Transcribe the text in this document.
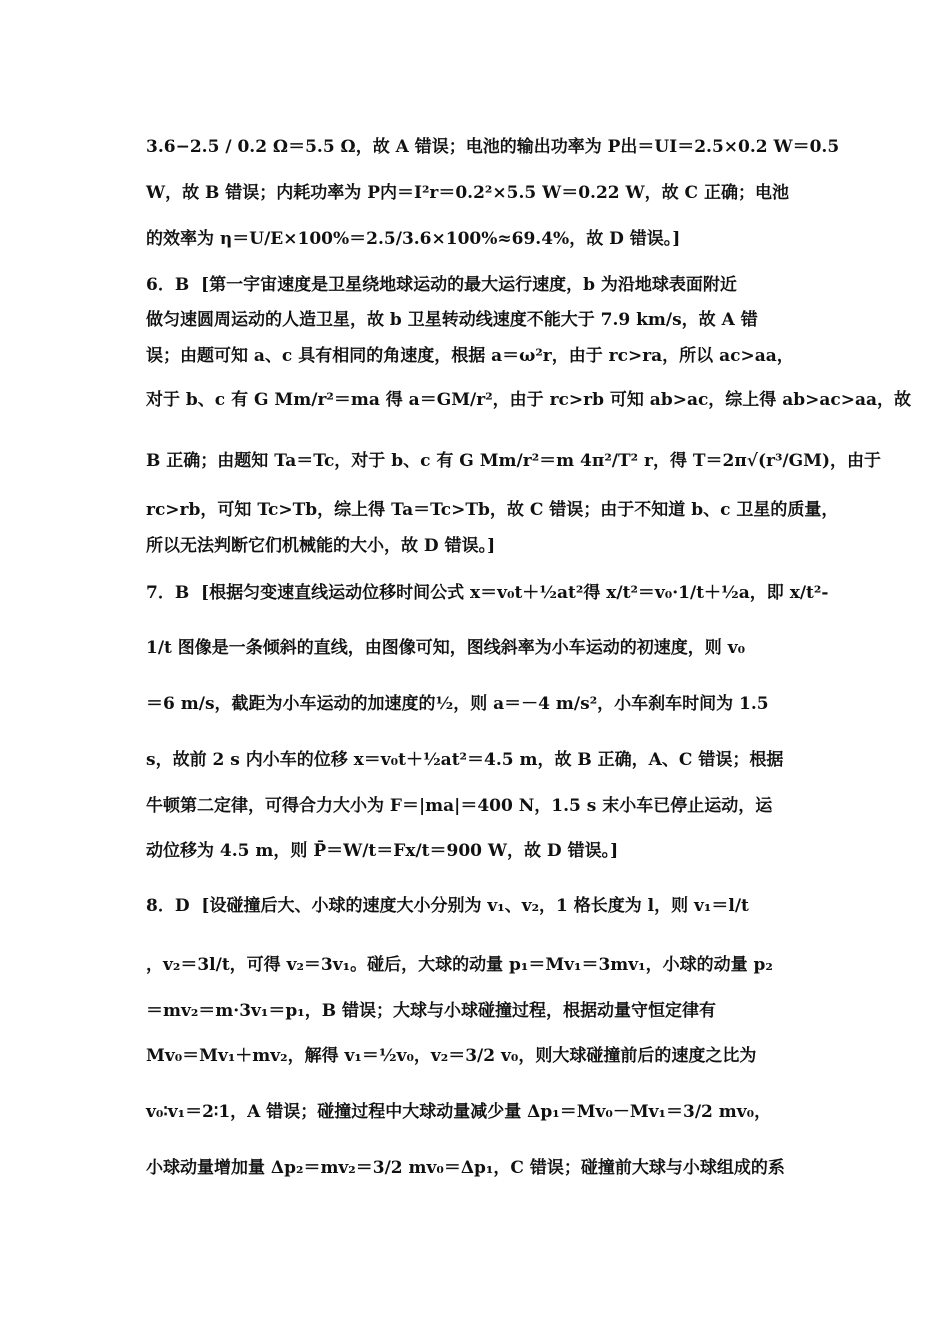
3.6−2.5 / 0.2 Ω＝5.5 Ω，故 A 错误；电池的输出功率为 P出＝UI＝2.5×0.2 W＝0.5
W，故 B 错误；内耗功率为 P内＝I²r＝0.2²×5.5 W＝0.22 W，故 C 正确；电池
的效率为 η＝U/E×100%＝2.5/3.6×100%≈69.4%，故 D 错误。]
6．B  [第一宇宙速度是卫星绕地球运动的最大运行速度，b 为沿地球表面附近
做匀速圆周运动的人造卫星，故 b 卫星转动线速度不能大于 7.9 km/s，故 A 错
误；由题可知 a、c 具有相同的角速度，根据 a＝ω²r，由于 rc>ra，所以 ac>aa，
对于 b、c 有 G Mm/r²＝ma 得 a＝GM/r²，由于 rc>rb 可知 ab>ac，综上得 ab>ac>aa，故
B 正确；由题知 Ta＝Tc，对于 b、c 有 G Mm/r²＝m 4π²/T² r，得 T＝2π√(r³/GM)，由于
rc>rb，可知 Tc>Tb，综上得 Ta＝Tc>Tb，故 C 错误；由于不知道 b、c 卫星的质量，
所以无法判断它们机械能的大小，故 D 错误。]
7．B  [根据匀变速直线运动位移时间公式 x＝v₀t＋½at²得 x/t²＝v₀·1/t＋½a，即 x/t²-
1/t 图像是一条倾斜的直线，由图像可知，图线斜率为小车运动的初速度，则 v₀
＝6 m/s，截距为小车运动的加速度的½，则 a＝－4 m/s²，小车刹车时间为 1.5
s，故前 2 s 内小车的位移 x＝v₀t＋½at²＝4.5 m，故 B 正确，A、C 错误；根据
牛顿第二定律，可得合力大小为 F＝|ma|＝400 N，1.5 s 末小车已停止运动，运
动位移为 4.5 m，则 P̄＝W/t＝Fx/t＝900 W，故 D 错误。]
8．D  [设碰撞后大、小球的速度大小分别为 v₁、v₂，1 格长度为 l，则 v₁＝l/t
，v₂＝3l/t，可得 v₂＝3v₁。碰后，大球的动量 p₁＝Mv₁＝3mv₁，小球的动量 p₂
＝mv₂＝m·3v₁＝p₁，B 错误；大球与小球碰撞过程，根据动量守恒定律有
Mv₀＝Mv₁＋mv₂，解得 v₁＝½v₀，v₂＝3/2 v₀，则大球碰撞前后的速度之比为
v₀∶v₁＝2∶1，A 错误；碰撞过程中大球动量减少量 Δp₁＝Mv₀－Mv₁＝3/2 mv₀，
小球动量增加量 Δp₂＝mv₂＝3/2 mv₀＝Δp₁，C 错误；碰撞前大球与小球组成的系
